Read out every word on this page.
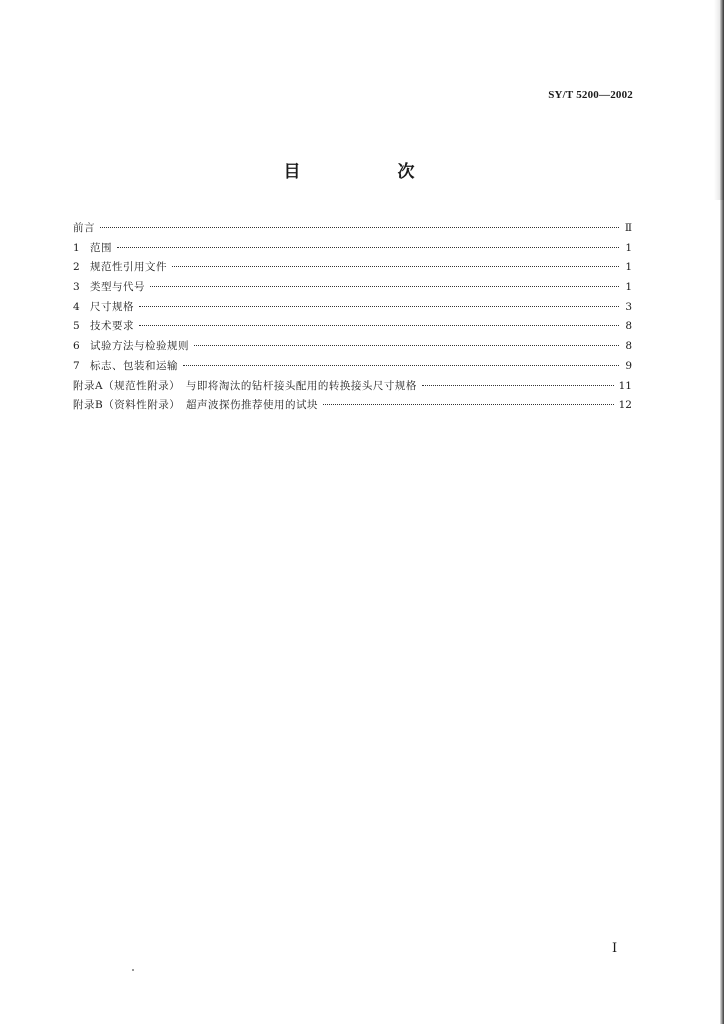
SY/T 5200—2002
目　次
前言	Ⅱ
1 范围	1
2 规范性引用文件	1
3 类型与代号	1
4 尺寸规格	3
5 技术要求	8
6 试验方法与检验规则	8
7 标志、包装和运输	9
附录A（规范性附录）　与即将淘汰的钻杆接头配用的转换接头尺寸规格	11
附录B（资料性附录）　超声波探伤推荐使用的试块	12
Ⅰ
